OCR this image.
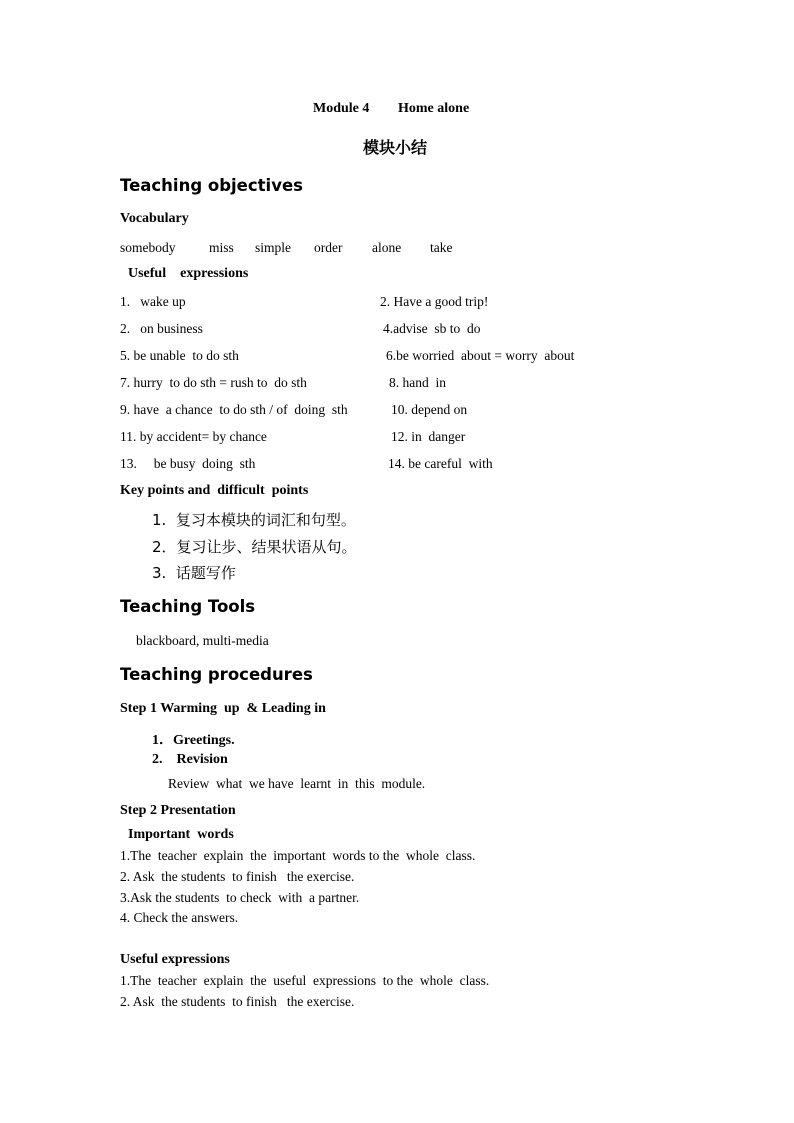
Module 4 Home alone
模块小结
Teaching objectives
Vocabulary
somebody miss simple order alone take
Useful    expressions
1.   wake up	2. Have a good trip!
2.   on business	4.advise  sb to  do
5. be unable  to do sth	6.be worried  about = worry  about
7. hurry  to do sth = rush to  do sth	8. hand  in
9. have  a chance  to do sth / of  doing  sth	10. depend on
11. by accident= by chance	12. in  danger
13.     be busy  doing  sth	14. be careful  with
Key points and  difficult  points
1.  复习本模块的词汇和句型。
2．复习让步、结果状语从句。
3.  话题写作
Teaching Tools
blackboard, multi-media
Teaching procedures
Step 1 Warming  up  & Leading in
1．Greetings.
2.    Revision
Review  what  we have  learnt  in  this  module.
Step 2 Presentation
Important  words
1.The  teacher  explain  the  important  words to the  whole  class.
2. Ask  the students  to finish   the exercise.
3.Ask the students  to check  with  a partner.
4. Check the answers.
Useful expressions
1.The  teacher  explain  the  useful  expressions  to the  whole  class.
2. Ask  the students  to finish   the exercise.
